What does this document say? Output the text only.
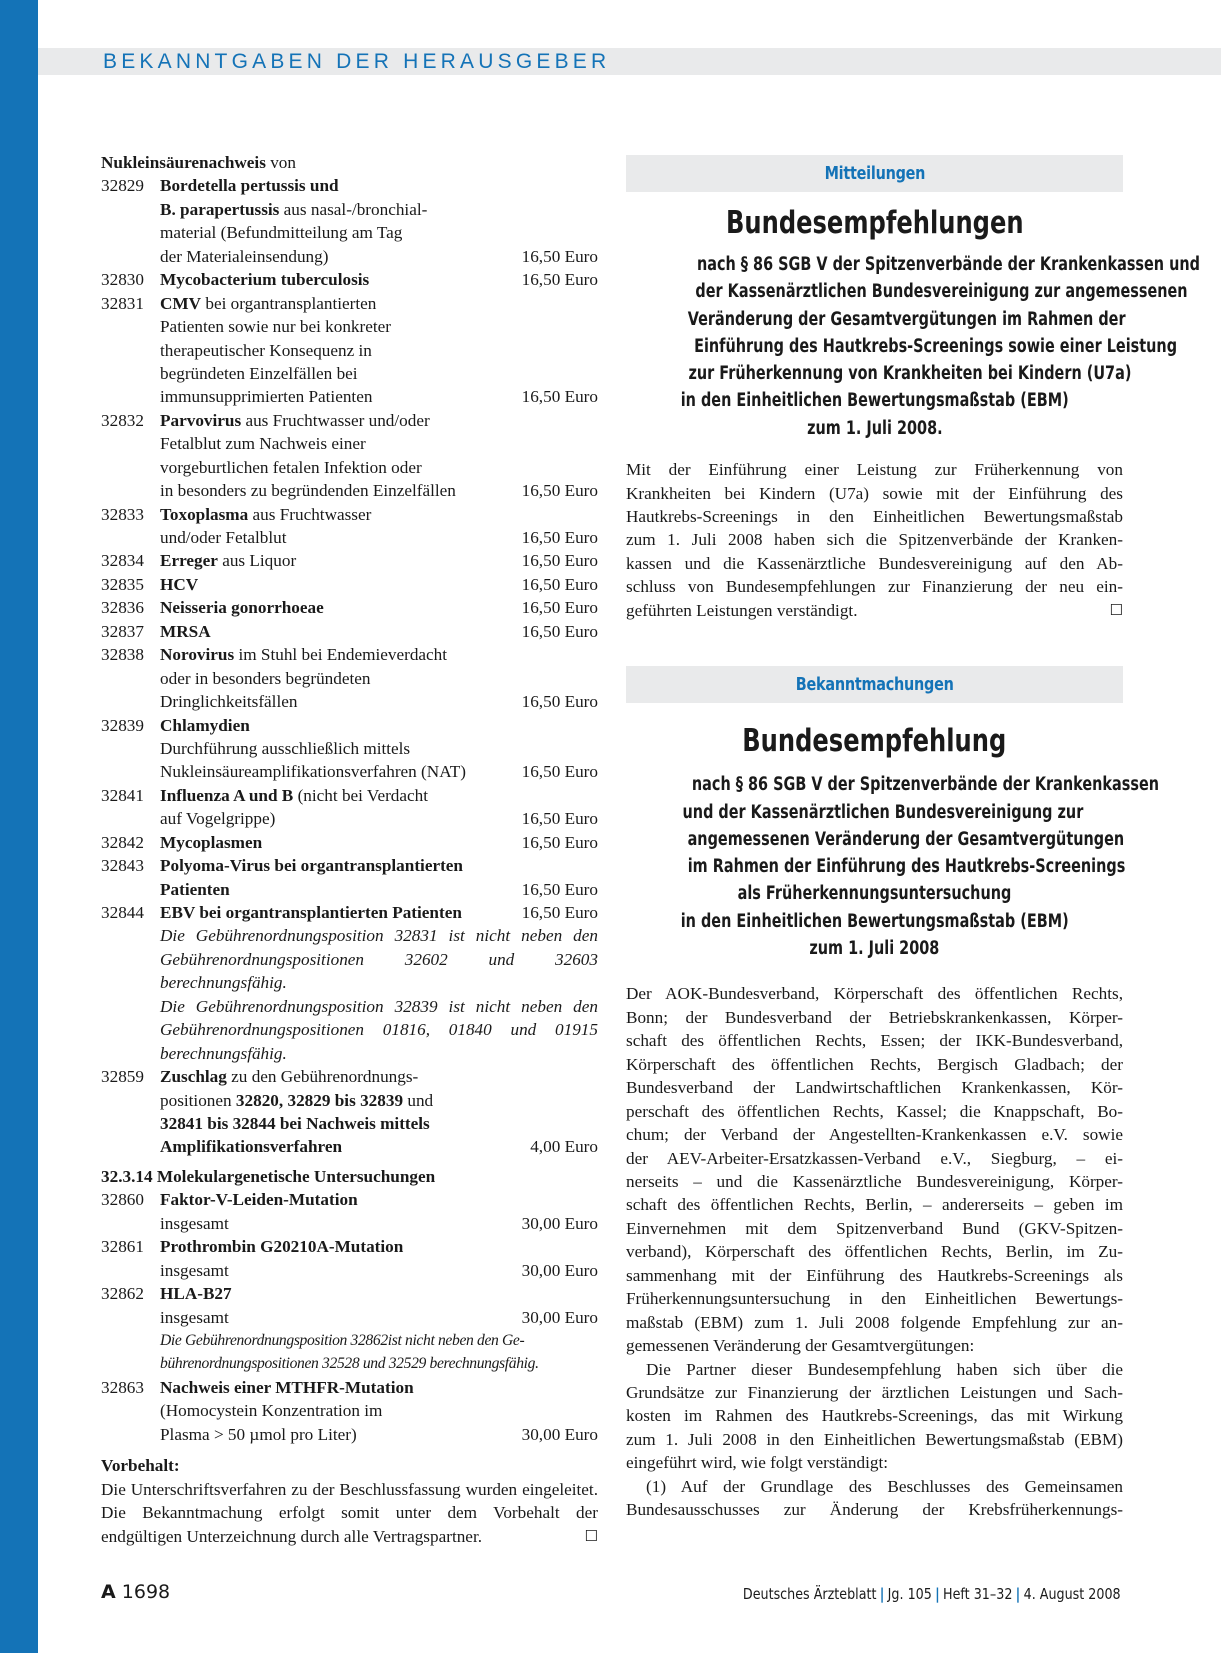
BEKANNTGABEN DER HERAUSGEBER
Nukleinsäurenachweis von
32829 Bordetella pertussis und
B. parapertussis aus nasal-/bronchial-
material (Befundmitteilung am Tag
der Materialeinsendung)	16,50 Euro
32830 Mycobacterium tuberculosis	16,50 Euro
32831 CMV bei organtransplantierten
Patienten sowie nur bei konkreter
therapeutischer Konsequenz in
begründeten Einzelfällen bei
immunsupprimierten Patienten	16,50 Euro
32832 Parvovirus aus Fruchtwasser und/oder
Fetalblut zum Nachweis einer
vorgeburtlichen fetalen Infektion oder
in besonders zu begründenden Einzelfällen	16,50 Euro
32833 Toxoplasma aus Fruchtwasser
und/oder Fetalblut	16,50 Euro
32834 Erreger aus Liquor	16,50 Euro
32835 HCV	16,50 Euro
32836 Neisseria gonorrhoeae	16,50 Euro
32837 MRSA	16,50 Euro
32838 Norovirus im Stuhl bei Endemieverdacht
oder in besonders begründeten
Dringlichkeitsfällen	16,50 Euro
32839 Chlamydien
Durchführung ausschließlich mittels
Nukleinsäureamplifikationsverfahren (NAT)	16,50 Euro
32841 Influenza A und B (nicht bei Verdacht
auf Vogelgrippe)	16,50 Euro
32842 Mycoplasmen	16,50 Euro
32843 Polyoma-Virus bei organtransplantierten
Patienten	16,50 Euro
32844 EBV bei organtransplantierten Patienten	16,50 Euro
Die Gebührenordnungsposition 32831 ist nicht neben den Gebührenordnungspositionen 32602 und 32603 berechnungsfähig.
Die Gebührenordnungsposition 32839 ist nicht neben den Gebührenordnungspositionen 01816, 01840 und 01915 berechnungsfähig.
32859 Zuschlag zu den Gebührenordnungs-
positionen 32820, 32829 bis 32839 und
32841 bis 32844 bei Nachweis mittels
Amplifikationsverfahren	4,00 Euro
32.3.14 Molekulargenetische Untersuchungen
32860 Faktor-V-Leiden-Mutation
insgesamt	30,00 Euro
32861 Prothrombin G20210A-Mutation
insgesamt	30,00 Euro
32862 HLA-B27
insgesamt	30,00 Euro
Die Gebührenordnungsposition 32862ist nicht neben den Ge-
bührenordnungspositionen 32528 und 32529 berechnungsfähig.
32863 Nachweis einer MTHFR-Mutation
(Homocystein Konzentration im
Plasma > 50 µmol pro Liter)	30,00 Euro
Vorbehalt:
Die Unterschriftsverfahren zu der Beschlussfassung wurden eingeleitet. Die Bekanntmachung erfolgt somit unter dem Vorbehalt der endgültigen Unterzeichnung durch alle Vertragspartner.	☐
Mitteilungen
Bundesempfehlungen
nach § 86 SGB V der Spitzenverbände der Krankenkassen und
der Kassenärztlichen Bundesvereinigung zur angemessenen
Veränderung der Gesamtvergütungen im Rahmen der
Einführung des Hautkrebs-Screenings sowie einer Leistung
zur Früherkennung von Krankheiten bei Kindern (U7a)
in den Einheitlichen Bewertungsmaßstab (EBM)
zum 1. Juli 2008.
Mit der Einführung einer Leistung zur Früherkennung von
Krankheiten bei Kindern (U7a) sowie mit der Einführung des
Hautkrebs-Screenings in den Einheitlichen Bewertungsmaßstab
zum 1. Juli 2008 haben sich die Spitzenverbände der Kranken-
kassen und die Kassenärztliche Bundesvereinigung auf den Ab-
schluss von Bundesempfehlungen zur Finanzierung der neu ein-
geführten Leistungen verständigt.	☐
Bekanntmachungen
Bundesempfehlung
nach § 86 SGB V der Spitzenverbände der Krankenkassen
und der Kassenärztlichen Bundesvereinigung zur
angemessenen Veränderung der Gesamtvergütungen
im Rahmen der Einführung des Hautkrebs-Screenings
als Früherkennungsuntersuchung
in den Einheitlichen Bewertungsmaßstab (EBM)
zum 1. Juli 2008
Der AOK-Bundesverband, Körperschaft des öffentlichen Rechts,
Bonn; der Bundesverband der Betriebskrankenkassen, Körper-
schaft des öffentlichen Rechts, Essen; der IKK-Bundesverband,
Körperschaft des öffentlichen Rechts, Bergisch Gladbach; der
Bundesverband der Landwirtschaftlichen Krankenkassen, Kör-
perschaft des öffentlichen Rechts, Kassel; die Knappschaft, Bo-
chum; der Verband der Angestellten-Krankenkassen e.V. sowie
der AEV-Arbeiter-Ersatzkassen-Verband e.V., Siegburg, – ei-
nerseits – und die Kassenärztliche Bundesvereinigung, Körper-
schaft des öffentlichen Rechts, Berlin, – andererseits – geben im
Einvernehmen mit dem Spitzenverband Bund (GKV-Spitzen-
verband), Körperschaft des öffentlichen Rechts, Berlin, im Zu-
sammenhang mit der Einführung des Hautkrebs-Screenings als
Früherkennungsuntersuchung in den Einheitlichen Bewertungs-
maßstab (EBM) zum 1. Juli 2008 folgende Empfehlung zur an-
gemessenen Veränderung der Gesamtvergütungen:
Die Partner dieser Bundesempfehlung haben sich über die
Grundsätze zur Finanzierung der ärztlichen Leistungen und Sach-
kosten im Rahmen des Hautkrebs-Screenings, das mit Wirkung
zum 1. Juli 2008 in den Einheitlichen Bewertungsmaßstab (EBM)
eingeführt wird, wie folgt verständigt:
(1) Auf der Grundlage des Beschlusses des Gemeinsamen
Bundesausschusses zur Änderung der Krebsfrüherkennungs-
A 1698	Deutsches Ärzteblatt | Jg. 105 | Heft 31–32 | 4. August 2008
